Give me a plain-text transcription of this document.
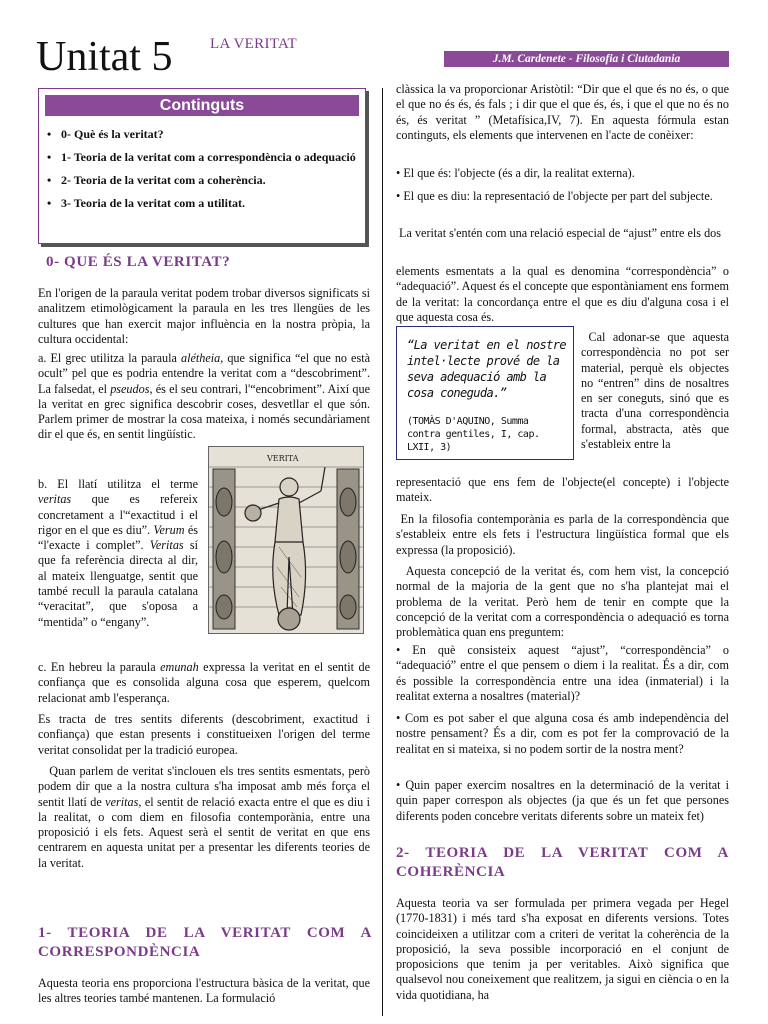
Unitat 5	LA VERITAT
J.M. Cardenete - Filosofia i Ciutadania
Continguts
• 0- Què és la veritat?
• 1- Teoria de la veritat com a correspondència o adequació
• 2- Teoria de la veritat com a coherència.
• 3- Teoria de la veritat com a utilitat.
0- QUE ÉS LA VERITAT?

En l'origen de la paraula veritat podem trobar diversos significats si analitzem etimològicament la paraula en les tres llengües de les cultures que han exercit major influència en la nostra pròpia, la cultura occidental:

a. El grec utilitza la paraula alétheia, que significa “el que no està ocult” pel que es podria entendre la veritat com a “descobriment”. La falsedat, el pseudos, és el seu contrari, l'“encobriment”. Així que la veritat en grec significa descobrir coses, desvetllar el que són. Parlem primer de mostrar la cosa mateixa, i només secundàriament dir el que és, en sentit lingüístic.

VERITA

b. El llatí utilitza el terme veritas que es refereix concretament a l'“exactitud i el rigor en el que es diu”. Verum és “l'exacte i complet”. Veritas sí que fa referència directa al dir, al mateix llenguatge, sentit que també recull la paraula catalana “veracitat”, que s'oposa a “mentida” o “engany”.

c. En hebreu la paraula emunah expressa la veritat en el sentit de confiança que es consolida alguna cosa que esperem, quelcom relacionat amb l'esperança.

Es tracta de tres sentits diferents (descobriment, exactitud i confiança) que estan presents i constitueixen l'origen del terme veritat consolidat per la tradició europea.

Quan parlem de veritat s'inclouen els tres sentits esmentats, però podem dir que a la nostra cultura s'ha imposat amb més força el sentit llatí de veritas, el sentit de relació exacta entre el que es diu i la realitat, o com diem en filosofia contemporània, entre una proposició i els fets. Aquest serà el sentit de veritat en que ens centrarem en aquesta unitat per a presentar les diferents teories de la veritat.

1- TEORIA DE LA VERITAT COM A CORRESPONDÈNCIA

Aquesta teoria ens proporciona l'estructura bàsica de la veritat, que les altres teories també mantenen. La formulació

clàssica la va proporcionar Aristòtil: “Dir que el que és no és, o que el que no és és, és fals ; i dir que el que és, és, i que el que no és no és, és veritat ” (Metafísica,IV, 7). En aquesta fórmula estan continguts, els elements que intervenen en l'acte de conèixer:

• El que és: l'objecte (és a dir, la realitat externa).

• El que es diu: la representació de l'objecte per part del subjecte.

La veritat s'entén com una relació especial de “ajust” entre els dos

elements esmentats a la qual es denomina “correspondència” o “adequació”. Aquest és el concepte que espontàniament ens formem de la veritat: la concordança entre el que es diu d'alguna cosa i el que aquesta cosa és.

“La veritat en el nostre intel·lecte prové de la seva adequació amb la cosa coneguda.”
(TOMÀS D'AQUINO, Summa contra gentiles, I, cap. LXII, 3)

Cal adonar-se que aquesta correspondència no pot ser material, perquè els objectes no “entren” dins de nosaltres en ser coneguts, sinó que es tracta d'una correspondència formal, abstracta, atès que s'estableix entre la

representació que ens fem de l'objecte(el concepte) i l'objecte mateix.

En la filosofia contemporània es parla de la correspondència que s'estableix entre els fets i l'estructura lingüística formal que els expressa (la proposició).

Aquesta concepció de la veritat és, com hem vist, la concepció normal de la majoria de la gent que no s'ha plantejat mai el problema de la veritat. Però hem de tenir en compte que la concepció de la veritat com a correspondència o adequació es torna problemàtica quan ens preguntem:

• En què consisteix aquest “ajust”, “correspondència” o “adequació” entre el que pensem o diem i la realitat. És a dir, com és possible la correspondència entre una idea (inmaterial) i la realitat externa a nosaltres (material)?

• Com es pot saber el que alguna cosa és amb independència del nostre pensament? És a dir, com es pot fer la comprovació de la realitat en si mateixa, si no podem sortir de la nostra ment?

• Quin paper exercim nosaltres en la determinació de la veritat i quin paper correspon als objectes (ja que és un fet que persones diferents poden concebre veritats diferents sobre un mateix fet)

2- TEORIA DE LA VERITAT COM A COHERÈNCIA

Aquesta teoria va ser formulada per primera vegada per Hegel (1770-1831) i més tard s'ha exposat en diferents versions. Totes coincideixen a utilitzar com a criteri de veritat la coherència de la proposició, la seva possible incorporació en el conjunt de proposicions que tenim ja per veritables. Això significa que qualsevol nou coneixement que realitzem, ja sigui en ciència o en la vida quotidiana, ha
